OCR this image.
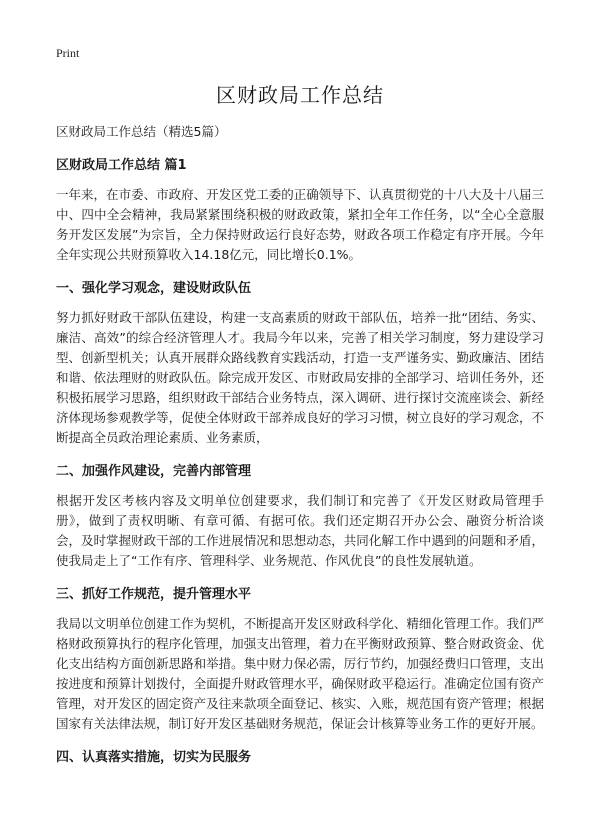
Print
区财政局工作总结

区财政局工作总结（精选5篇）

区财政局工作总结 篇1

一年来，在市委、市政府、开发区党工委的正确领导下、认真贯彻党的十八大及十八届三中、四中全会精神，我局紧紧围绕积极的财政政策，紧扣全年工作任务，以“全心全意服务开发区发展”为宗旨，全力保持财政运行良好态势，财政各项工作稳定有序开展。今年全年实现公共财预算收入14.18亿元，同比增长0.1%。

一、强化学习观念，建设财政队伍

努力抓好财政干部队伍建设，构建一支高素质的财政干部队伍，培养一批“团结、务实、廉洁、高效”的综合经济管理人才。我局今年以来，完善了相关学习制度，努力建设学习型、创新型机关；认真开展群众路线教育实践活动，打造一支严谨务实、勤政廉洁、团结和谐、依法理财的财政队伍。除完成开发区、市财政局安排的全部学习、培训任务外，还积极拓展学习思路，组织财政干部结合业务特点，深入调研、进行探讨交流座谈会、新经济体现场参观教学等，促使全体财政干部养成良好的学习习惯，树立良好的学习观念，不断提高全员政治理论素质、业务素质，

二、加强作风建设，完善内部管理

根据开发区考核内容及文明单位创建要求，我们制订和完善了《开发区财政局管理手册》，做到了责权明晰、有章可循、有据可依。我们还定期召开办公会、融资分析洽谈会，及时掌握财政干部的工作进展情况和思想动态，共同化解工作中遇到的问题和矛盾，使我局走上了“工作有序、管理科学、业务规范、作风优良”的良性发展轨道。

三、抓好工作规范，提升管理水平

我局以文明单位创建工作为契机，不断提高开发区财政科学化、精细化管理工作。我们严格财政预算执行的程序化管理，加强支出管理，着力在平衡财政预算、整合财政资金、优化支出结构方面创新思路和举措。集中财力保必需，厉行节约，加强经费归口管理，支出按进度和预算计划拨付，全面提升财政管理水平，确保财政平稳运行。准确定位国有资产管理，对开发区的固定资产及往来款项全面登记、核实、入账，规范国有资产管理；根据国家有关法律法规，制订好开发区基础财务规范，保证会计核算等业务工作的更好开展。

四、认真落实措施，切实为民服务
